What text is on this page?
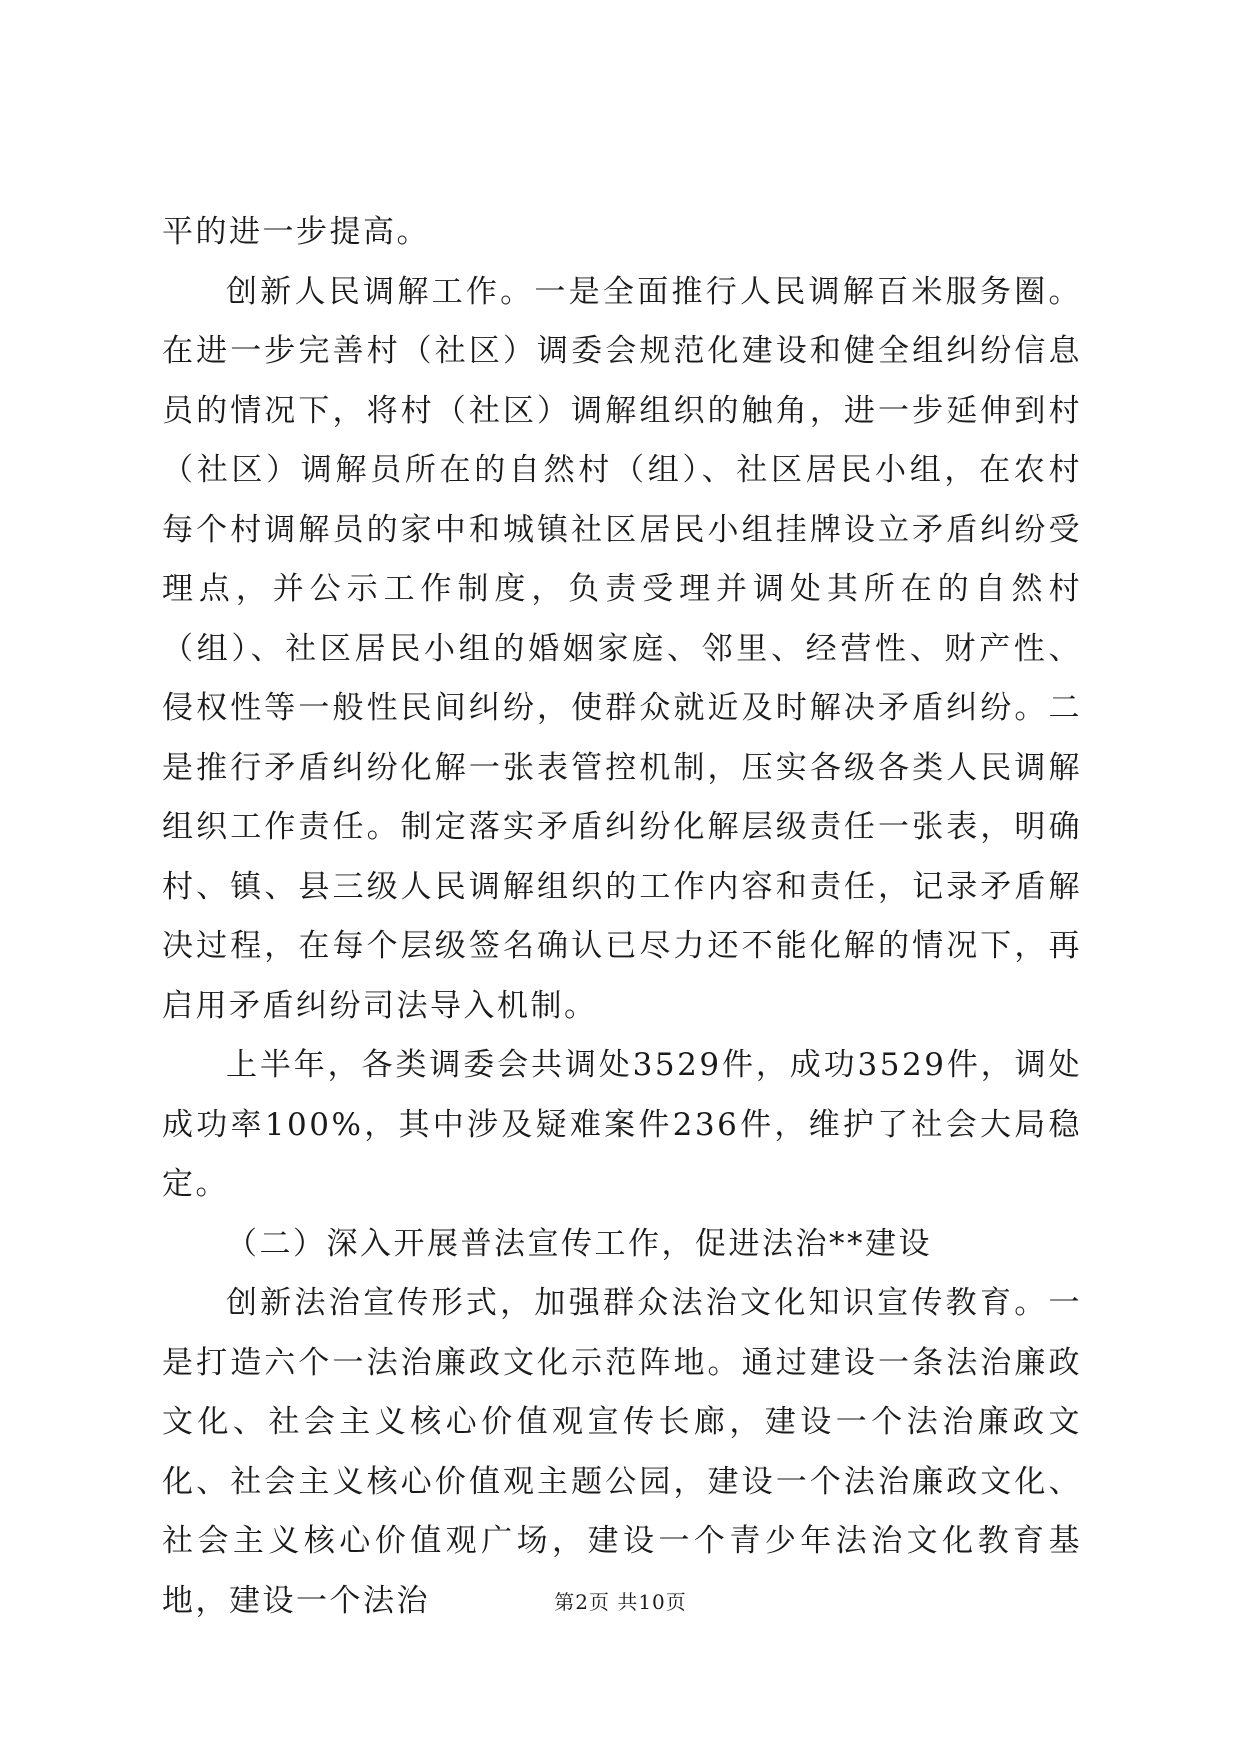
平的进一步提高。

创新人民调解工作。一是全面推行人民调解百米服务圈。在进一步完善村（社区）调委会规范化建设和健全组纠纷信息员的情况下，将村（社区）调解组织的触角，进一步延伸到村（社区）调解员所在的自然村（组）、社区居民小组，在农村每个村调解员的家中和城镇社区居民小组挂牌设立矛盾纠纷受理点，并公示工作制度，负责受理并调处其所在的自然村（组）、社区居民小组的婚姻家庭、邻里、经营性、财产性、侵权性等一般性民间纠纷，使群众就近及时解决矛盾纠纷。二是推行矛盾纠纷化解一张表管控机制，压实各级各类人民调解组织工作责任。制定落实矛盾纠纷化解层级责任一张表，明确村、镇、县三级人民调解组织的工作内容和责任，记录矛盾解决过程，在每个层级签名确认已尽力还不能化解的情况下，再启用矛盾纠纷司法导入机制。

上半年，各类调委会共调处3529件，成功3529件，调处成功率100%，其中涉及疑难案件236件，维护了社会大局稳定。

（二）深入开展普法宣传工作，促进法治**建设

创新法治宣传形式，加强群众法治文化知识宣传教育。一是打造六个一法治廉政文化示范阵地。通过建设一条法治廉政文化、社会主义核心价值观宣传长廊，建设一个法治廉政文化、社会主义核心价值观主题公园，建设一个法治廉政文化、社会主义核心价值观广场，建设一个青少年法治文化教育基地，建设一个法治	第2页 共10页
